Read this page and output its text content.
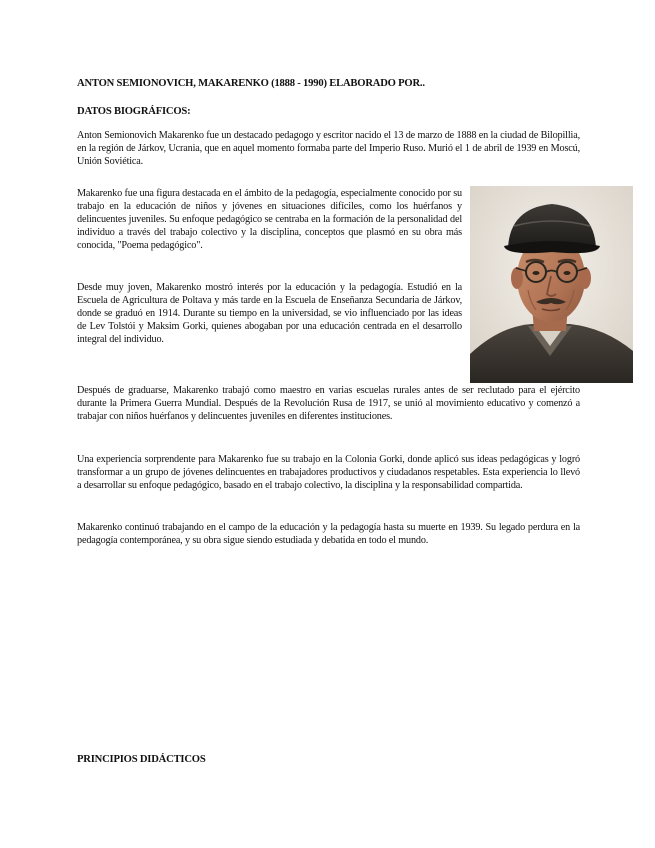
ANTON SEMIONOVICH, MAKARENKO (1888 - 1990) ELABORADO POR..
DATOS BIOGRÁFICOS:
Anton Semionovich Makarenko fue un destacado pedagogo y escritor nacido el 13 de marzo de 1888 en la ciudad de Bilopillia, en la región de Járkov, Ucrania, que en aquel momento formaba parte del Imperio Ruso. Murió el 1 de abril de 1939 en Moscú, Unión Soviética.
Makarenko fue una figura destacada en el ámbito de la pedagogía, especialmente conocido por su trabajo en la educación de niños y jóvenes en situaciones difíciles, como los huérfanos y delincuentes juveniles. Su enfoque pedagógico se centraba en la formación de la personalidad del individuo a través del trabajo colectivo y la disciplina, conceptos que plasmó en su obra más conocida, "Poema pedagógico".
Desde muy joven, Makarenko mostró interés por la educación y la pedagogía. Estudió en la Escuela de Agricultura de Poltava y más tarde en la Escuela de Enseñanza Secundaria de Járkov, donde se graduó en 1914. Durante su tiempo en la universidad, se vio influenciado por las ideas de Lev Tolstói y Maksim Gorki, quienes abogaban por una educación centrada en el desarrollo integral del individuo.
Después de graduarse, Makarenko trabajó como maestro en varias escuelas rurales antes de ser reclutado para el ejército durante la Primera Guerra Mundial. Después de la Revolución Rusa de 1917, se unió al movimiento educativo y comenzó a trabajar con niños huérfanos y delincuentes juveniles en diferentes instituciones.
Una experiencia sorprendente para Makarenko fue su trabajo en la Colonia Gorki, donde aplicó sus ideas pedagógicas y logró transformar a un grupo de jóvenes delincuentes en trabajadores productivos y ciudadanos respetables. Esta experiencia lo llevó a desarrollar su enfoque pedagógico, basado en el trabajo colectivo, la disciplina y la responsabilidad compartida.
Makarenko continuó trabajando en el campo de la educación y la pedagogía hasta su muerte en 1939. Su legado perdura en la pedagogía contemporánea, y su obra sigue siendo estudiada y debatida en todo el mundo.
PRINCIPIOS DIDÁCTICOS
